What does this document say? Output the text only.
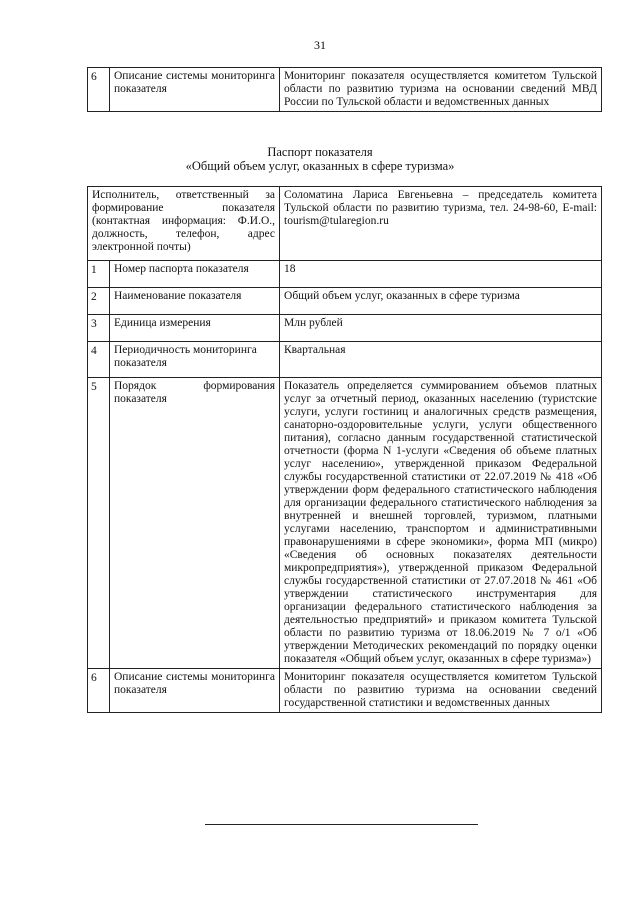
31
6	Описание системы мониторинга показателя	Мониторинг показателя осуществляется комитетом Тульской области по развитию туризма на основании сведений МВД России по Тульской области и ведомственных данных
Паспорт показателя
«Общий объем услуг, оказанных в сфере туризма»
Исполнитель, ответственный за формирование показателя (контактная информация: Ф.И.О., должность, телефон, адрес электронной почты)		Соломатина Лариса Евгеньевна – председатель комитета Тульской области по развитию туризма, тел. 24-98-60, E-mail: tourism@tularegion.ru
1	Номер паспорта показателя	18
2	Наименование показателя	Общий объем услуг, оказанных в сфере туризма
3	Единица измерения	Млн рублей
4	Периодичность мониторинга показателя	Квартальная
5	Порядок формирования показателя	Показатель определяется суммированием объемов платных услуг за отчетный период, оказанных населению (туристские услуги, услуги гостиниц и аналогичных средств размещения, санаторно-оздоровительные услуги, услуги общественного питания), согласно данным государственной статистической отчетности (форма N 1-услуги «Сведения об объеме платных услуг населению», утвержденной приказом Федеральной службы государственной статистики от 22.07.2019 № 418 «Об утверждении форм федерального статистического наблюдения для организации федерального статистического наблюдения за внутренней и внешней торговлей, туризмом, платными услугами населению, транспортом и административными правонарушениями в сфере экономики», форма МП (микро) «Сведения об основных показателях деятельности микропредприятия»), утвержденной приказом Федеральной службы государственной статистики от 27.07.2018 № 461 «Об утверждении статистического инструментария для организации федерального статистического наблюдения за деятельностью предприятий» и приказом комитета Тульской области по развитию туризма от 18.06.2019 № 7 о/1 «Об утверждении Методических рекомендаций по порядку оценки показателя «Общий объем услуг, оказанных в сфере туризма»)
6	Описание системы мониторинга показателя	Мониторинг показателя осуществляется комитетом Тульской области по развитию туризма на основании сведений государственной статистики и ведомственных данных
